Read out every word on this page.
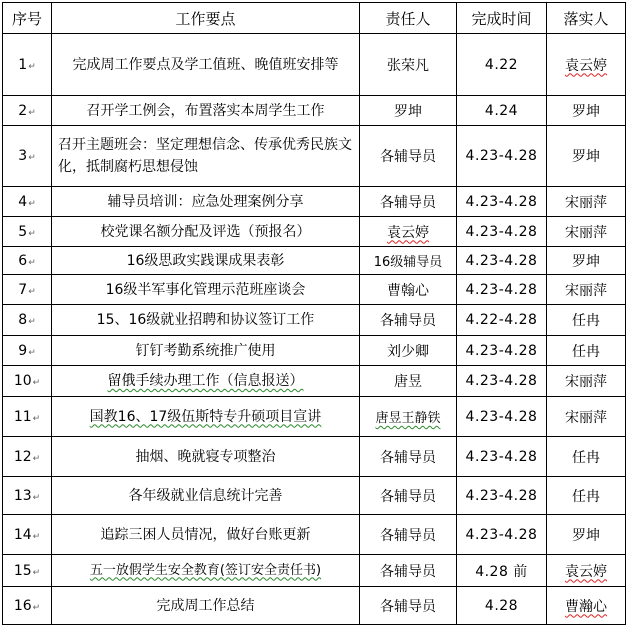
序号	工作要点	责任人	完成时间	落实人
1↵	完成周工作要点及学工值班、晚值班安排等	张荣凡	4.22	袁云婷
2↵	召开学工例会，布置落实本周学生工作	罗坤	4.24	罗坤
3↵	召开主题班会：坚定理想信念、传承优秀民族文化，抵制腐朽思想侵蚀	各辅导员	4.23-4.28	罗坤
4↵	辅导员培训：应急处理案例分享	各辅导员	4.23-4.28	宋丽萍
5↵	校党课名额分配及评选（预报名）	袁云婷	4.23-4.28	宋丽萍
6↵	16级思政实践课成果表彰	16级辅导员	4.23-4.28	罗坤
7↵	16级半军事化管理示范班座谈会	曹翰心	4.23-4.28	宋丽萍
8↵	15、16级就业招聘和协议签订工作	各辅导员	4.22-4.28	任冉
9↵	钉钉考勤系统推广使用	刘少卿	4.23-4.28	任冉
10↵	留俄手续办理工作（信息报送）	唐昱	4.23-4.28	宋丽萍
11↵	国教16、17级伍斯特专升硕项目宣讲	唐昱王静铁	4.23-4.28	宋丽萍
12↵	抽烟、晚就寝专项整治	各辅导员	4.23-4.28	任冉
13↵	各年级就业信息统计完善	各辅导员	4.23-4.28	任冉
14↵	追踪三困人员情况，做好台账更新	各辅导员	4.23-4.28	罗坤
15↵	五一放假学生安全教育(签订安全责任书)	各辅导员	4.28 前	袁云婷
16↵	完成周工作总结	各辅导员	4.28	曹瀚心
